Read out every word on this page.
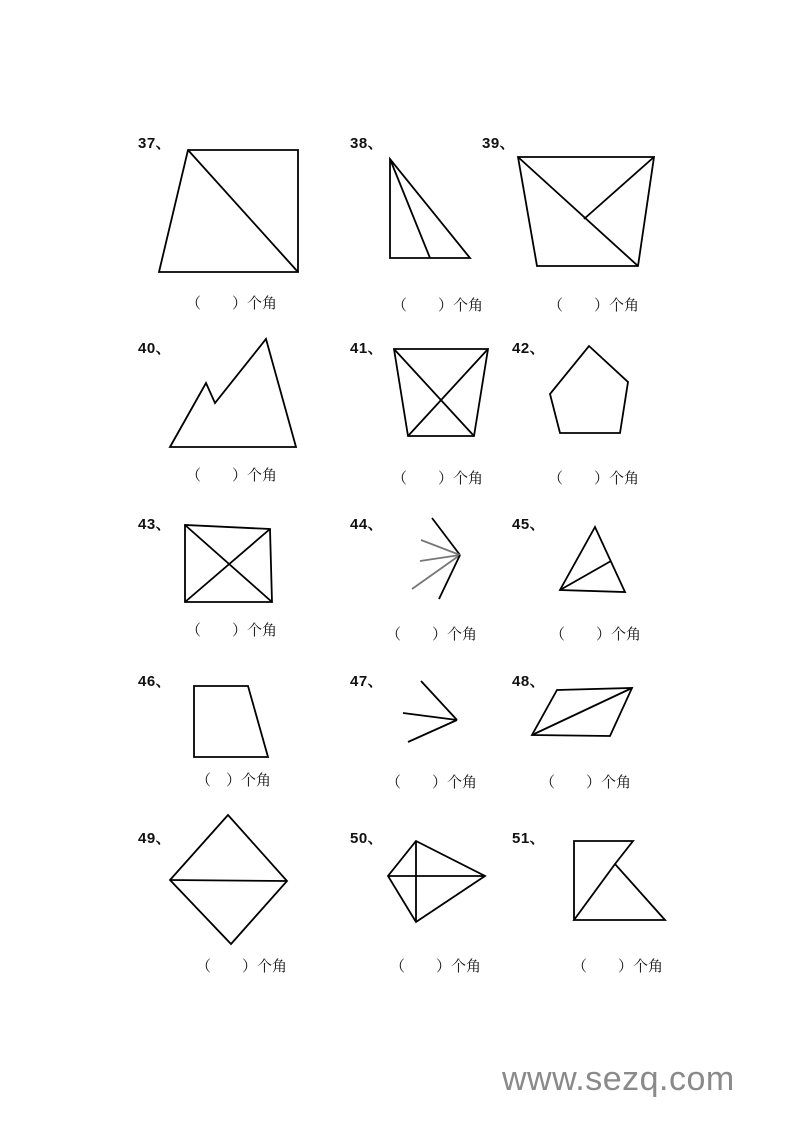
37、
（ ）个角
38、
（ ）个角
39、
（ ）个角
40、
（ ）个角
41、
（ ）个角
42、
（ ）个角
43、
（ ）个角
44、
（ ）个角
45、
（ ）个角
46、
（ ）个角
47、
（ ）个角
48、
（ ）个角
49、
（ ）个角
50、
（ ）个角
51、
（ ）个角
www.sezq.com
